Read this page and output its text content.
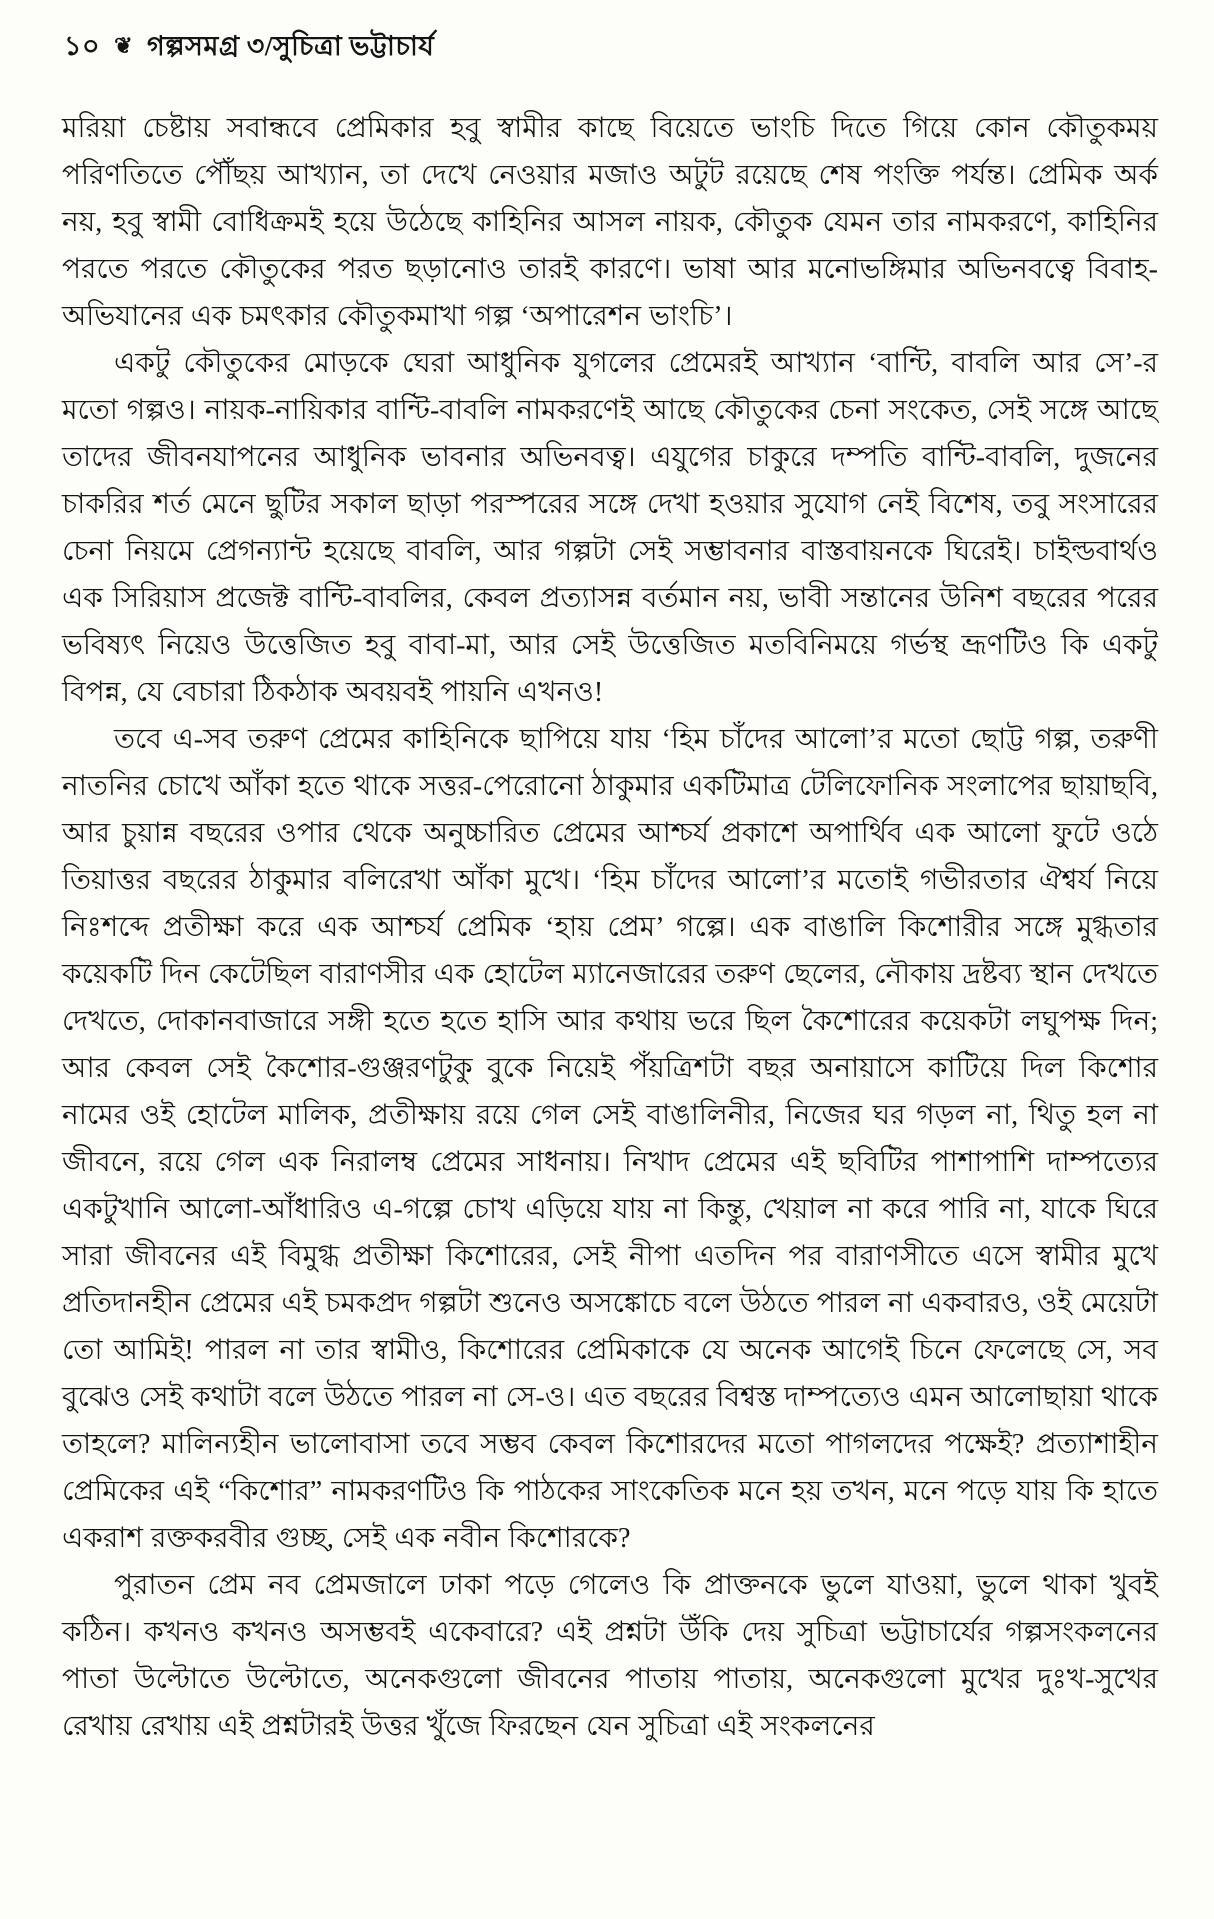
১০ ❦ গল্পসমগ্র ৩/সুচিত্রা ভট্টাচার্য

মরিয়া চেষ্টায় সবান্ধবে প্রেমিকার হবু স্বামীর কাছে বিয়েতে ভাংচি দিতে গিয়ে কোন কৌতুকময় পরিণতিতে পৌঁছয় আখ্যান, তা দেখে নেওয়ার মজাও অটুট রয়েছে শেষ পংক্তি পর্যন্ত। প্রেমিক অর্ক নয়, হবু স্বামী বোধিক্রমই হয়ে উঠেছে কাহিনির আসল নায়ক, কৌতুক যেমন তার নামকরণে, কাহিনির পরতে পরতে কৌতুকের পরত ছড়ানোও তারই কারণে। ভাষা আর মনোভঙ্গিমার অভিনবত্বে বিবাহ-অভিযানের এক চমৎকার কৌতুকমাখা গল্প ‘অপারেশন ভাংচি’।

একটু কৌতুকের মোড়কে ঘেরা আধুনিক যুগলের প্রেমেরই আখ্যান ‘বান্টি, বাবলি আর সে’-র মতো গল্পও। নায়ক-নায়িকার বান্টি-বাবলি নামকরণেই আছে কৌতুকের চেনা সংকেত, সেই সঙ্গে আছে তাদের জীবনযাপনের আধুনিক ভাবনার অভিনবত্ব। এযুগের চাকুরে দম্পতি বান্টি-বাবলি, দুজনের চাকরির শর্ত মেনে ছুটির সকাল ছাড়া পরস্পরের সঙ্গে দেখা হওয়ার সুযোগ নেই বিশেষ, তবু সংসারের চেনা নিয়মে প্রেগন্যান্ট হয়েছে বাবলি, আর গল্পটা সেই সম্ভাবনার বাস্তবায়নকে ঘিরেই। চাইল্ডবার্থও এক সিরিয়াস প্রজেক্ট বান্টি-বাবলির, কেবল প্রত্যাসন্ন বর্তমান নয়, ভাবী সন্তানের উনিশ বছরের পরের ভবিষ্যৎ নিয়েও উত্তেজিত হবু বাবা-মা, আর সেই উত্তেজিত মতবিনিময়ে গর্ভস্থ ভ্রূণটিও কি একটু বিপন্ন, যে বেচারা ঠিকঠাক অবয়বই পায়নি এখনও!

তবে এ-সব তরুণ প্রেমের কাহিনিকে ছাপিয়ে যায় ‘হিম চাঁদের আলো’র মতো ছোট্ট গল্প, তরুণী নাতনির চোখে আঁকা হতে থাকে সত্তর-পেরোনো ঠাকুমার একটিমাত্র টেলিফোনিক সংলাপের ছায়াছবি, আর চুয়ান্ন বছরের ওপার থেকে অনুচ্চারিত প্রেমের আশ্চর্য প্রকাশে অপার্থিব এক আলো ফুটে ওঠে তিয়াত্তর বছরের ঠাকুমার বলিরেখা আঁকা মুখে। ‘হিম চাঁদের আলো’র মতোই গভীরতার ঐশ্বর্য নিয়ে নিঃশব্দে প্রতীক্ষা করে এক আশ্চর্য প্রেমিক ‘হায় প্রেম’ গল্পে। এক বাঙালি কিশোরীর সঙ্গে মুগ্ধতার কয়েকটি দিন কেটেছিল বারাণসীর এক হোটেল ম্যানেজারের তরুণ ছেলের, নৌকায় দ্রষ্টব্য স্থান দেখতে দেখতে, দোকানবাজারে সঙ্গী হতে হতে হাসি আর কথায় ভরে ছিল কৈশোরের কয়েকটা লঘুপক্ষ দিন; আর কেবল সেই কৈশোর-গুঞ্জরণটুকু বুকে নিয়েই পঁয়ত্রিশটা বছর অনায়াসে কাটিয়ে দিল কিশোর নামের ওই হোটেল মালিক, প্রতীক্ষায় রয়ে গেল সেই বাঙালিনীর, নিজের ঘর গড়ল না, থিতু হল না জীবনে, রয়ে গেল এক নিরালম্ব প্রেমের সাধনায়। নিখাদ প্রেমের এই ছবিটির পাশাপাশি দাম্পত্যের একটুখানি আলো-আঁধারিও এ-গল্পে চোখ এড়িয়ে যায় না কিন্তু, খেয়াল না করে পারি না, যাকে ঘিরে সারা জীবনের এই বিমুগ্ধ প্রতীক্ষা কিশোরের, সেই নীপা এতদিন পর বারাণসীতে এসে স্বামীর মুখে প্রতিদানহীন প্রেমের এই চমকপ্রদ গল্পটা শুনেও অসঙ্কোচে বলে উঠতে পারল না একবারও, ওই মেয়েটা তো আমিই! পারল না তার স্বামীও, কিশোরের প্রেমিকাকে যে অনেক আগেই চিনে ফেলেছে সে, সব বুঝেও সেই কথাটা বলে উঠতে পারল না সে-ও। এত বছরের বিশ্বস্ত দাম্পত্যেও এমন আলোছায়া থাকে তাহলে? মালিন্যহীন ভালোবাসা তবে সম্ভব কেবল কিশোরদের মতো পাগলদের পক্ষেই? প্রত্যাশাহীন প্রেমিকের এই “কিশোর” নামকরণটিও কি পাঠকের সাংকেতিক মনে হয় তখন, মনে পড়ে যায় কি হাতে একরাশ রক্তকরবীর গুচ্ছ, সেই এক নবীন কিশোরকে?

পুরাতন প্রেম নব প্রেমজালে ঢাকা পড়ে গেলেও কি প্রাক্তনকে ভুলে যাওয়া, ভুলে থাকা খুবই কঠিন। কখনও কখনও অসম্ভবই একেবারে? এই প্রশ্নটা উঁকি দেয় সুচিত্রা ভট্টাচার্যের গল্পসংকলনের পাতা উল্টোতে উল্টোতে, অনেকগুলো জীবনের পাতায় পাতায়, অনেকগুলো মুখের দুঃখ-সুখের রেখায় রেখায় এই প্রশ্নটারই উত্তর খুঁজে ফিরছেন যেন সুচিত্রা এই সংকলনের
